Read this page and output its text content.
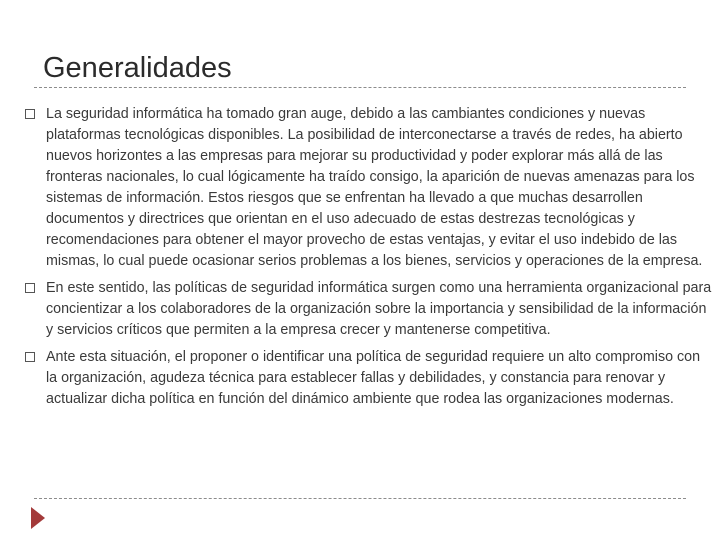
Generalidades
La seguridad informática ha tomado gran auge, debido a las cambiantes condiciones y nuevas plataformas tecnológicas disponibles. La posibilidad de interconectarse a través de redes, ha abierto nuevos horizontes a las empresas para mejorar su productividad y poder explorar más allá de las fronteras nacionales, lo cual lógicamente ha traído consigo, la aparición de nuevas amenazas para los sistemas de información. Estos riesgos que se enfrentan ha llevado a que muchas desarrollen documentos y directrices que orientan en el uso adecuado de estas destrezas tecnológicas y recomendaciones para obtener el mayor provecho de estas ventajas, y evitar el uso indebido de las mismas, lo cual puede ocasionar serios problemas a los bienes, servicios y operaciones de la empresa.
En este sentido, las políticas de seguridad informática surgen como una herramienta organizacional para concientizar a los colaboradores de la organización sobre la importancia y sensibilidad de la información y servicios críticos que permiten a la empresa crecer y mantenerse competitiva.
Ante esta situación, el proponer o identificar una política de seguridad requiere un alto compromiso con la organización, agudeza técnica para establecer fallas y debilidades, y constancia para renovar y actualizar dicha política en función del dinámico ambiente que rodea las organizaciones modernas.
